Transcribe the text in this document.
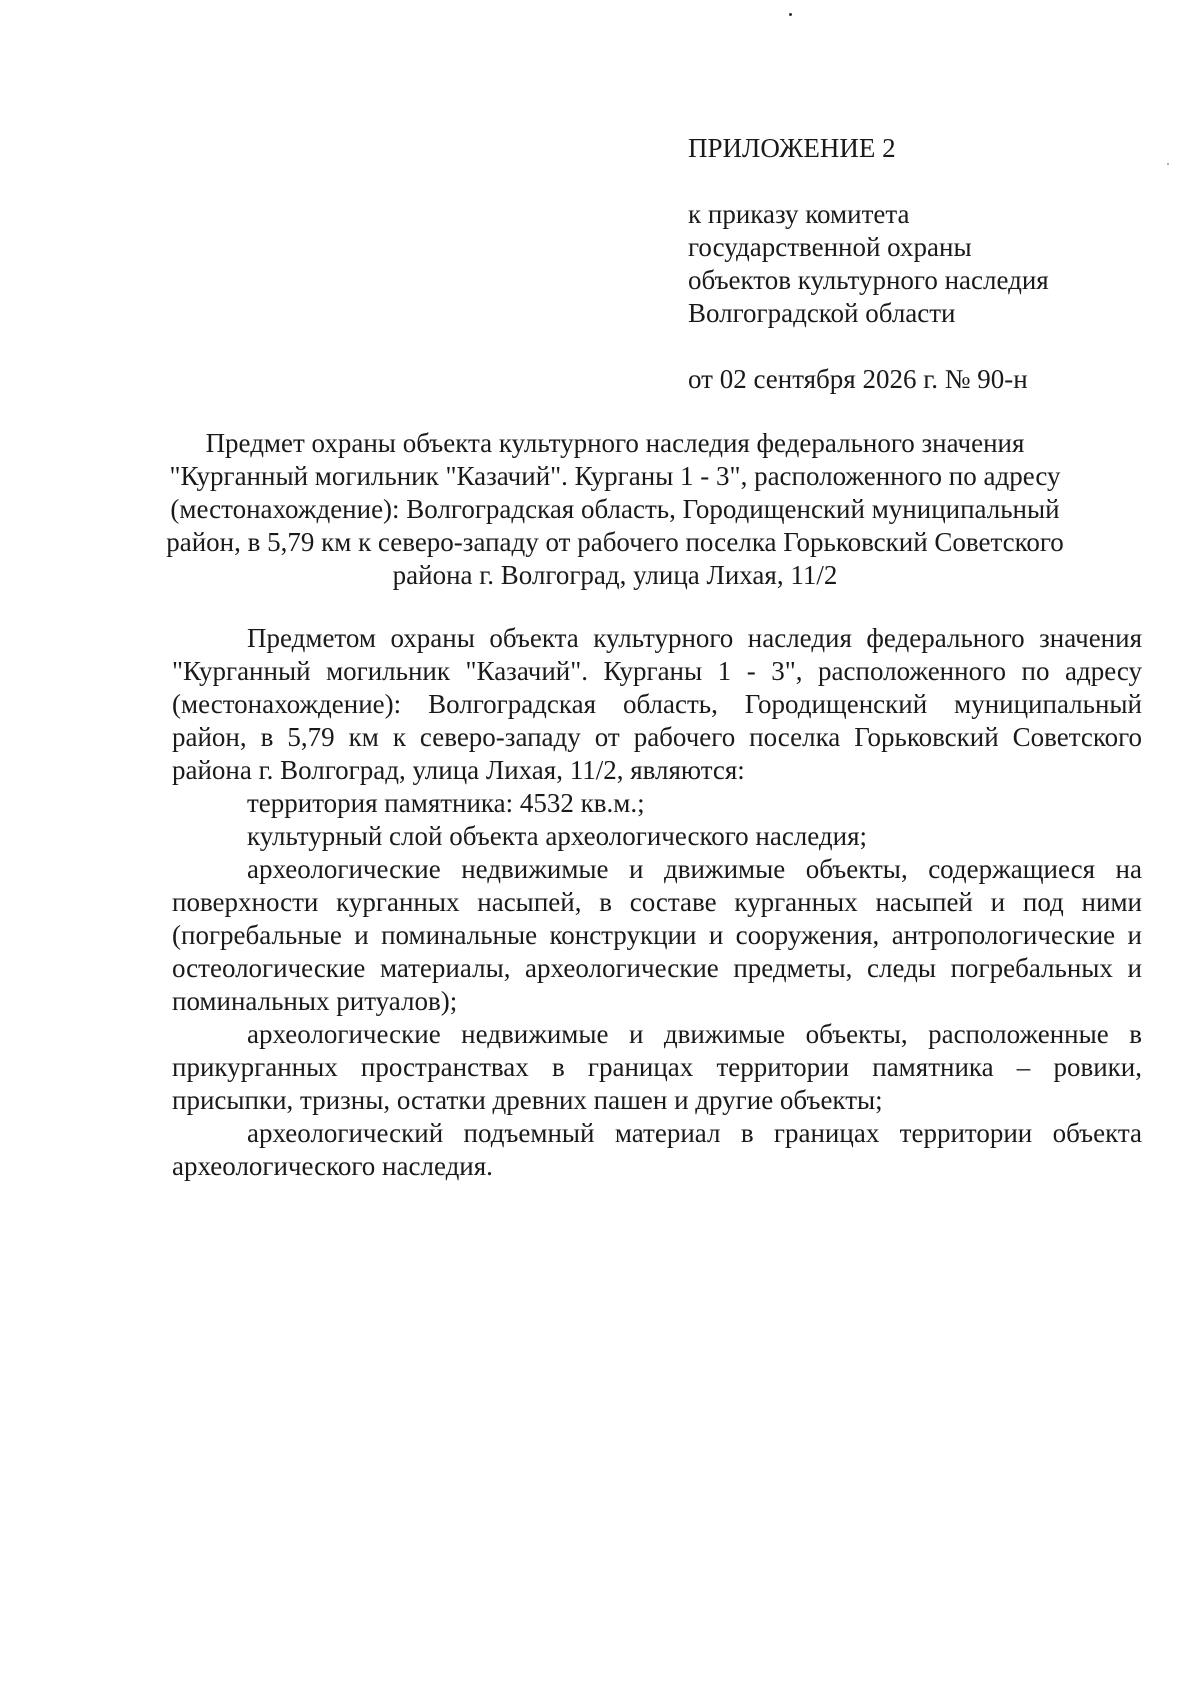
ПРИЛОЖЕНИЕ 2
к приказу комитета
государственной охраны
объектов культурного наследия
Волгоградской области
от 02 сентября 2026 г. № 90-н
Предмет охраны объекта культурного наследия федерального значения
"Курганный могильник "Казачий". Курганы 1 - 3", расположенного по адресу
(местонахождение): Волгоградская область, Городищенский муниципальный
район, в 5,79 км к северо-западу от рабочего поселка Горьковский Советского
района г. Волгоград, улица Лихая, 11/2

Предметом охраны объекта культурного наследия федерального значения "Курганный могильник "Казачий". Курганы 1 - 3", расположенного по адресу (местонахождение): Волгоградская область, Городищенский муниципальный район, в 5,79 км к северо-западу от рабочего поселка Горьковский Советского района г. Волгоград, улица Лихая, 11/2, являются:

территория памятника: 4532 кв.м.;

культурный слой объекта археологического наследия;

археологические недвижимые и движимые объекты, содержащиеся на поверхности курганных насыпей, в составе курганных насыпей и под ними (погребальные и поминальные конструкции и сооружения, антропологические и остеологические материалы, археологические предметы, следы погребальных и поминальных ритуалов);

археологические недвижимые и движимые объекты, расположенные в прикурганных пространствах в границах территории памятника – ровики, присыпки, тризны, остатки древних пашен и другие объекты;

археологический подъемный материал в границах территории объекта археологического наследия.
